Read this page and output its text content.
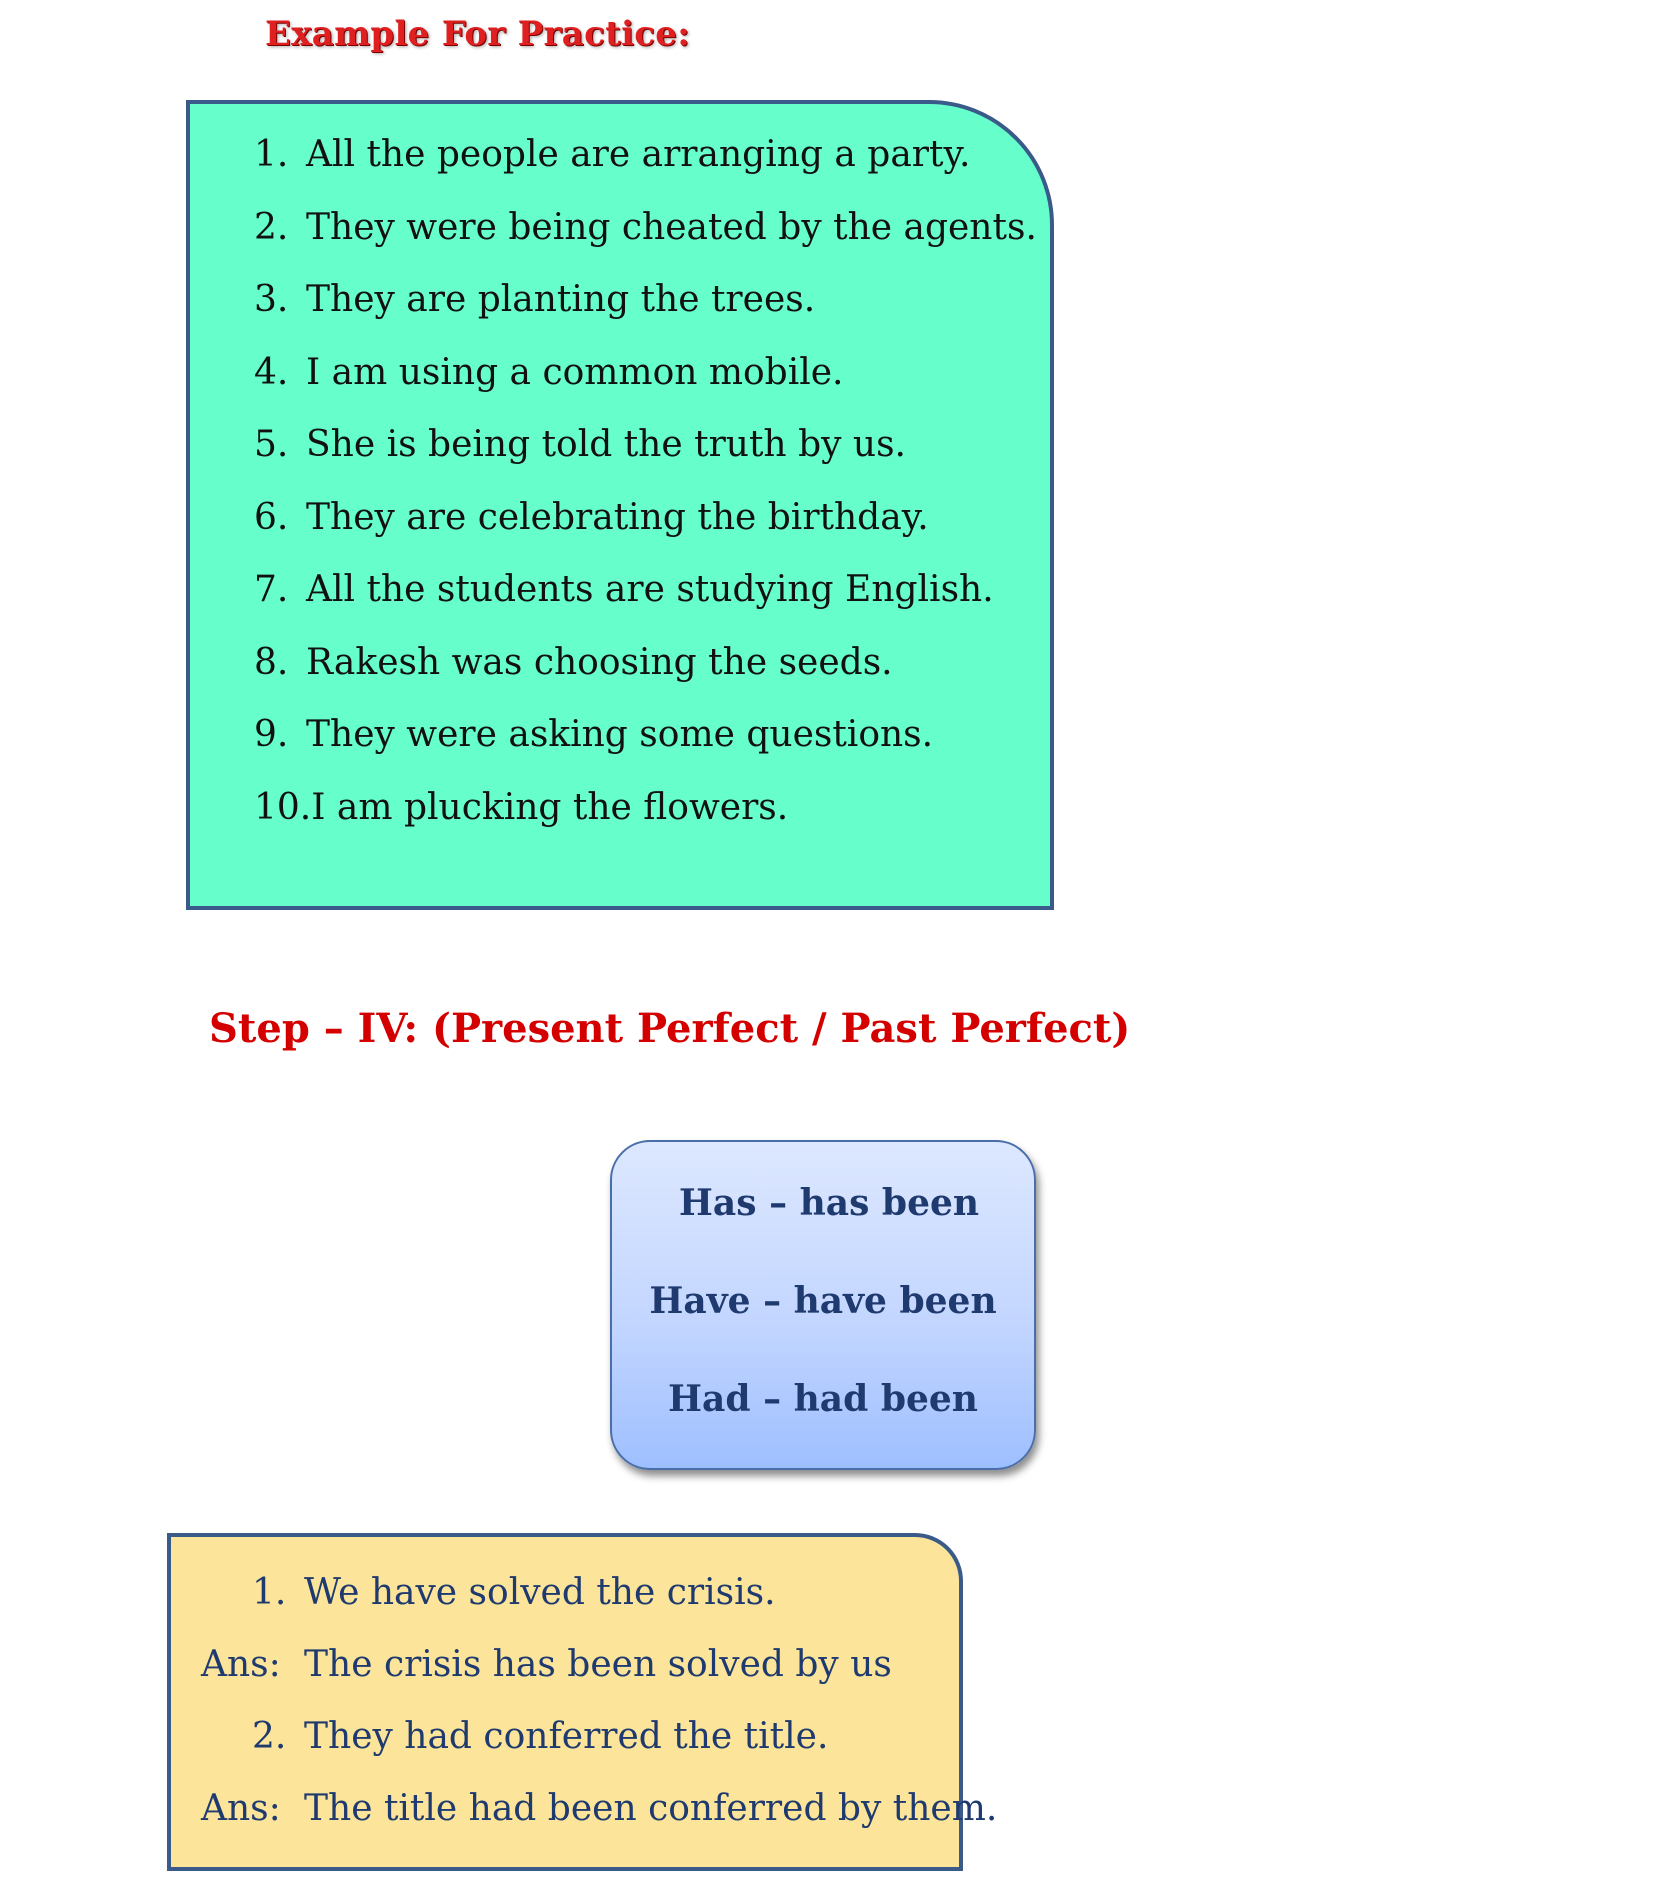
Example For Practice:
1. All the people are arranging a party.
2. They were being cheated by the agents.
3. They are planting the trees.
4. I am using a common mobile.
5. She is being told the truth by us.
6. They are celebrating the birthday.
7. All the students are studying English.
8. Rakesh was choosing the seeds.
9. They were asking some questions.
10. I am plucking the flowers.
Step – IV: (Present Perfect / Past Perfect)
Has – has been
Have – have been
Had – had been
1. We have solved the crisis.
Ans: The crisis has been solved by us
2. They had conferred the title.
Ans: The title had been conferred by them.
